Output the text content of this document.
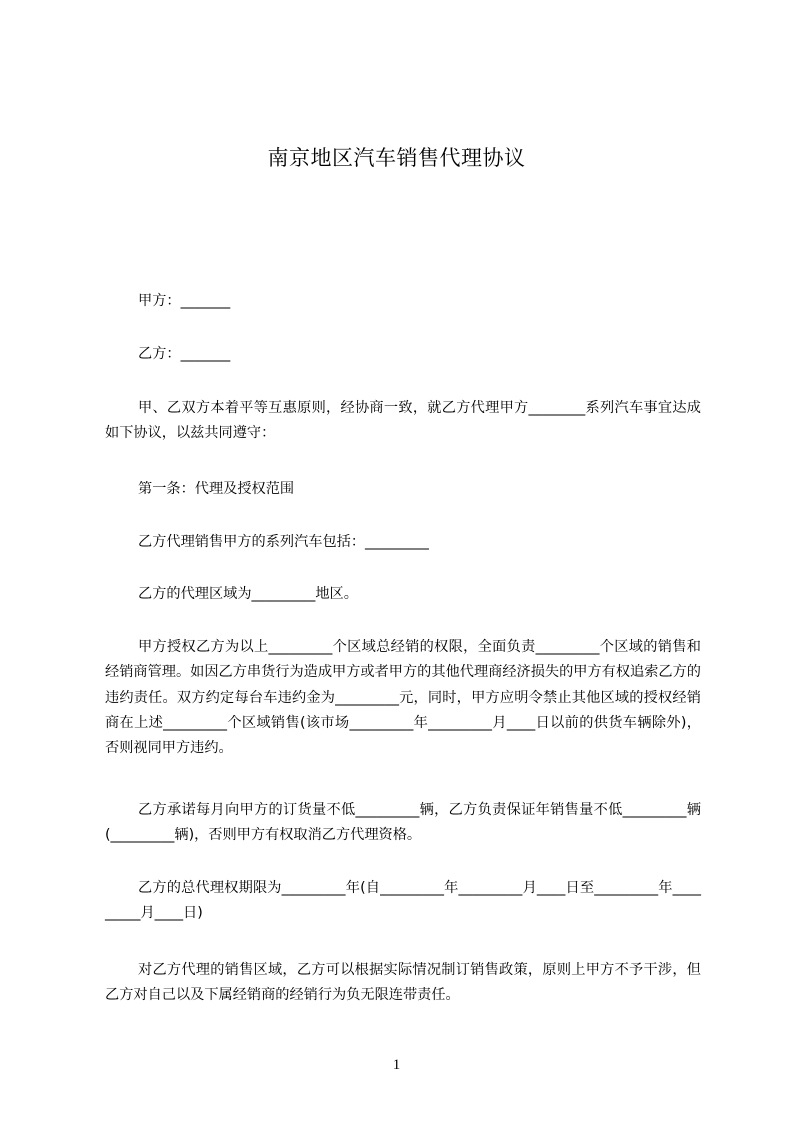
南京地区汽车销售代理协议
甲方：_______
乙方：_______
甲、乙双方本着平等互惠原则，经协商一致，就乙方代理甲方________系列汽车事宜达成如下协议，以兹共同遵守：
第一条：代理及授权范围
乙方代理销售甲方的系列汽车包括：_________
乙方的代理区域为_________地区。
甲方授权乙方为以上_________个区域总经销的权限，全面负责_________个区域的销售和经销商管理。如因乙方串货行为造成甲方或者甲方的其他代理商经济损失的甲方有权追索乙方的违约责任。双方约定每台车违约金为_________元，同时，甲方应明令禁止其他区域的授权经销商在上述_________个区域销售(该市场_________年_________月____日以前的供货车辆除外)，否则视同甲方违约。
乙方承诺每月向甲方的订货量不低_________辆，乙方负责保证年销售量不低_________辆(_________辆)，否则甲方有权取消乙方代理资格。
乙方的总代理权期限为_________年(自_________年_________月____日至_________年_________月____日)
对乙方代理的销售区域，乙方可以根据实际情况制订销售政策，原则上甲方不予干涉，但乙方对自己以及下属经销商的经销行为负无限连带责任。
1
